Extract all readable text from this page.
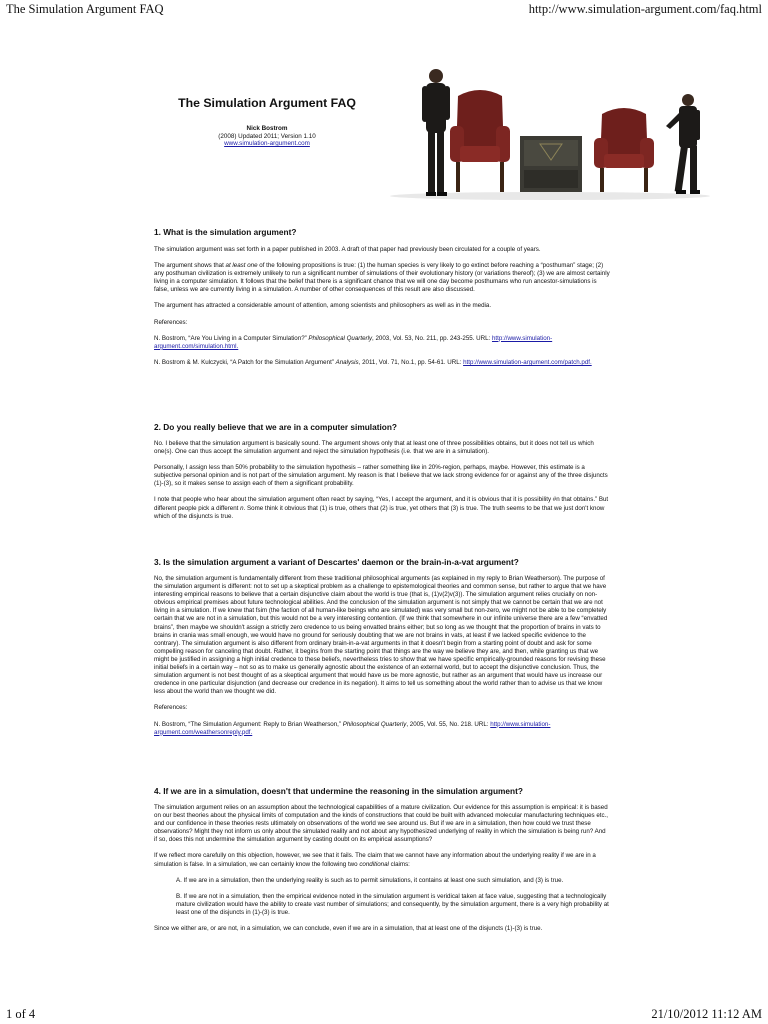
The Simulation Argument FAQ	http://www.simulation-argument.com/faq.html
The Simulation Argument FAQ
Nick Bostrom
(2008) Updated 2011; Version 1.10
www.simulation-argument.com
1. What is the simulation argument?

The simulation argument was set forth in a paper published in 2003. A draft of that paper had previously been circulated for a couple of years.

The argument shows that at least one of the following propositions is true: (1) the human species is very likely to go extinct before reaching a “posthuman” stage; (2) any posthuman civilization is extremely unlikely to run a significant number of simulations of their evolutionary history (or variations thereof); (3) we are almost certainly living in a computer simulation. It follows that the belief that there is a significant chance that we will one day become posthumans who run ancestor-simulations is false, unless we are currently living in a simulation. A number of other consequences of this result are also discussed.

The argument has attracted a considerable amount of attention, among scientists and philosophers as well as in the media.

References:

N. Bostrom, “Are You Living in a Computer Simulation?” Philosophical Quarterly, 2003, Vol. 53, No. 211, pp. 243-255. URL: http://www.simulation-argument.com/simulation.html.

N. Bostrom & M. Kulczycki, “A Patch for the Simulation Argument” Analysis, 2011, Vol. 71, No.1, pp. 54-61. URL: http://www.simulation-argument.com/patch.pdf.

2. Do you really believe that we are in a computer simulation?

No. I believe that the simulation argument is basically sound. The argument shows only that at least one of three possibilities obtains, but it does not tell us which one(s). One can thus accept the simulation argument and reject the simulation hypothesis (i.e. that we are in a simulation).

Personally, I assign less than 50% probability to the simulation hypothesis – rather something like in 20%-region, perhaps, maybe. However, this estimate is a subjective personal opinion and is not part of the simulation argument. My reason is that I believe that we lack strong evidence for or against any of the three disjuncts (1)-(3), so it makes sense to assign each of them a significant probability.

I note that people who hear about the simulation argument often react by saying, “Yes, I accept the argument, and it is obvious that it is possibility #n that obtains.” But different people pick a different n. Some think it obvious that (1) is true, others that (2) is true, yet others that (3) is true. The truth seems to be that we just don't know which of the disjuncts is true.

3. Is the simulation argument a variant of Descartes' daemon or the brain-in-a-vat argument?

No, the simulation argument is fundamentally different from these traditional philosophical arguments (as explained in my reply to Brian Weatherson). The purpose of the simulation argument is different: not to set up a skeptical problem as a challenge to epistemological theories and common sense, but rather to argue that we have interesting empirical reasons to believe that a certain disjunctive claim about the world is true (that is, (1)v(2)v(3)). The simulation argument relies crucially on non-obvious empirical premises about future technological abilities. And the conclusion of the simulation argument is not simply that we cannot be certain that we are not living in a simulation. If we knew that fsim (the faction of all human-like beings who are simulated) was very small but non-zero, we might not be able to be completely certain that we are not in a simulation, but this would not be a very interesting contention. (If we think that somewhere in our infinite universe there are a few “envatted brains”, then maybe we shouldn't assign a strictly zero credence to us being envatted brains either; but so long as we thought that the proportion of brains in vats to brains in crania was small enough, we would have no ground for seriously doubting that we are not brains in vats, at least if we lacked specific evidence to the contrary). The simulation argument is also different from ordinary brain-in-a-vat arguments in that it doesn't begin from a starting point of doubt and ask for some compelling reason for canceling that doubt. Rather, it begins from the starting point that things are the way we believe they are, and then, while granting us that we might be justified in assigning a high initial credence to these beliefs, nevertheless tries to show that we have specific empirically-grounded reasons for revising these initial beliefs in a certain way – not so as to make us generally agnostic about the existence of an external world, but to accept the disjunctive conclusion. Thus, the simulation argument is not best thought of as a skeptical argument that would have us be more agnostic, but rather as an argument that would have us increase our credence in one particular disjunction (and decrease our credence in its negation). It aims to tell us something about the world rather than to advise us that we know less about the world than we thought we did.

References:

N. Bostrom, “The Simulation Argument: Reply to Brian Weatherson,” Philosophical Quarterly, 2005, Vol. 55, No. 218. URL: http://www.simulation-argument.com/weathersonreply.pdf.

4. If we are in a simulation, doesn't that undermine the reasoning in the simulation argument?

The simulation argument relies on an assumption about the technological capabilities of a mature civilization. Our evidence for this assumption is empirical: it is based on our best theories about the physical limits of computation and the kinds of constructions that could be built with advanced molecular manufacturing techniques etc., and our confidence in these theories rests ultimately on observations of the world we see around us. But if we are in a simulation, then how could we trust these observations? Might they not inform us only about the simulated reality and not about any hypothesized underlying of reality in which the simulation is being run? And if so, does this not undermine the simulation argument by casting doubt on its empirical assumptions?

If we reflect more carefully on this objection, however, we see that it fails. The claim that we cannot have any information about the underlying reality if we are in a simulation is false. In a simulation, we can certainly know the following two conditional claims:

A. If we are in a simulation, then the underlying reality is such as to permit simulations, it contains at least one such simulation, and (3) is true.

B. If we are not in a simulation, then the empirical evidence noted in the simulation argument is veridical taken at face value, suggesting that a technologically mature civilization would have the ability to create vast number of simulations; and consequently, by the simulation argument, there is a very high probability at least one of the disjuncts in (1)-(3) is true.

Since we either are, or are not, in a simulation, we can conclude, even if we are in a simulation, that at least one of the disjuncts (1)-(3) is true.

1 of 4	21/10/2012 11:12 AM
